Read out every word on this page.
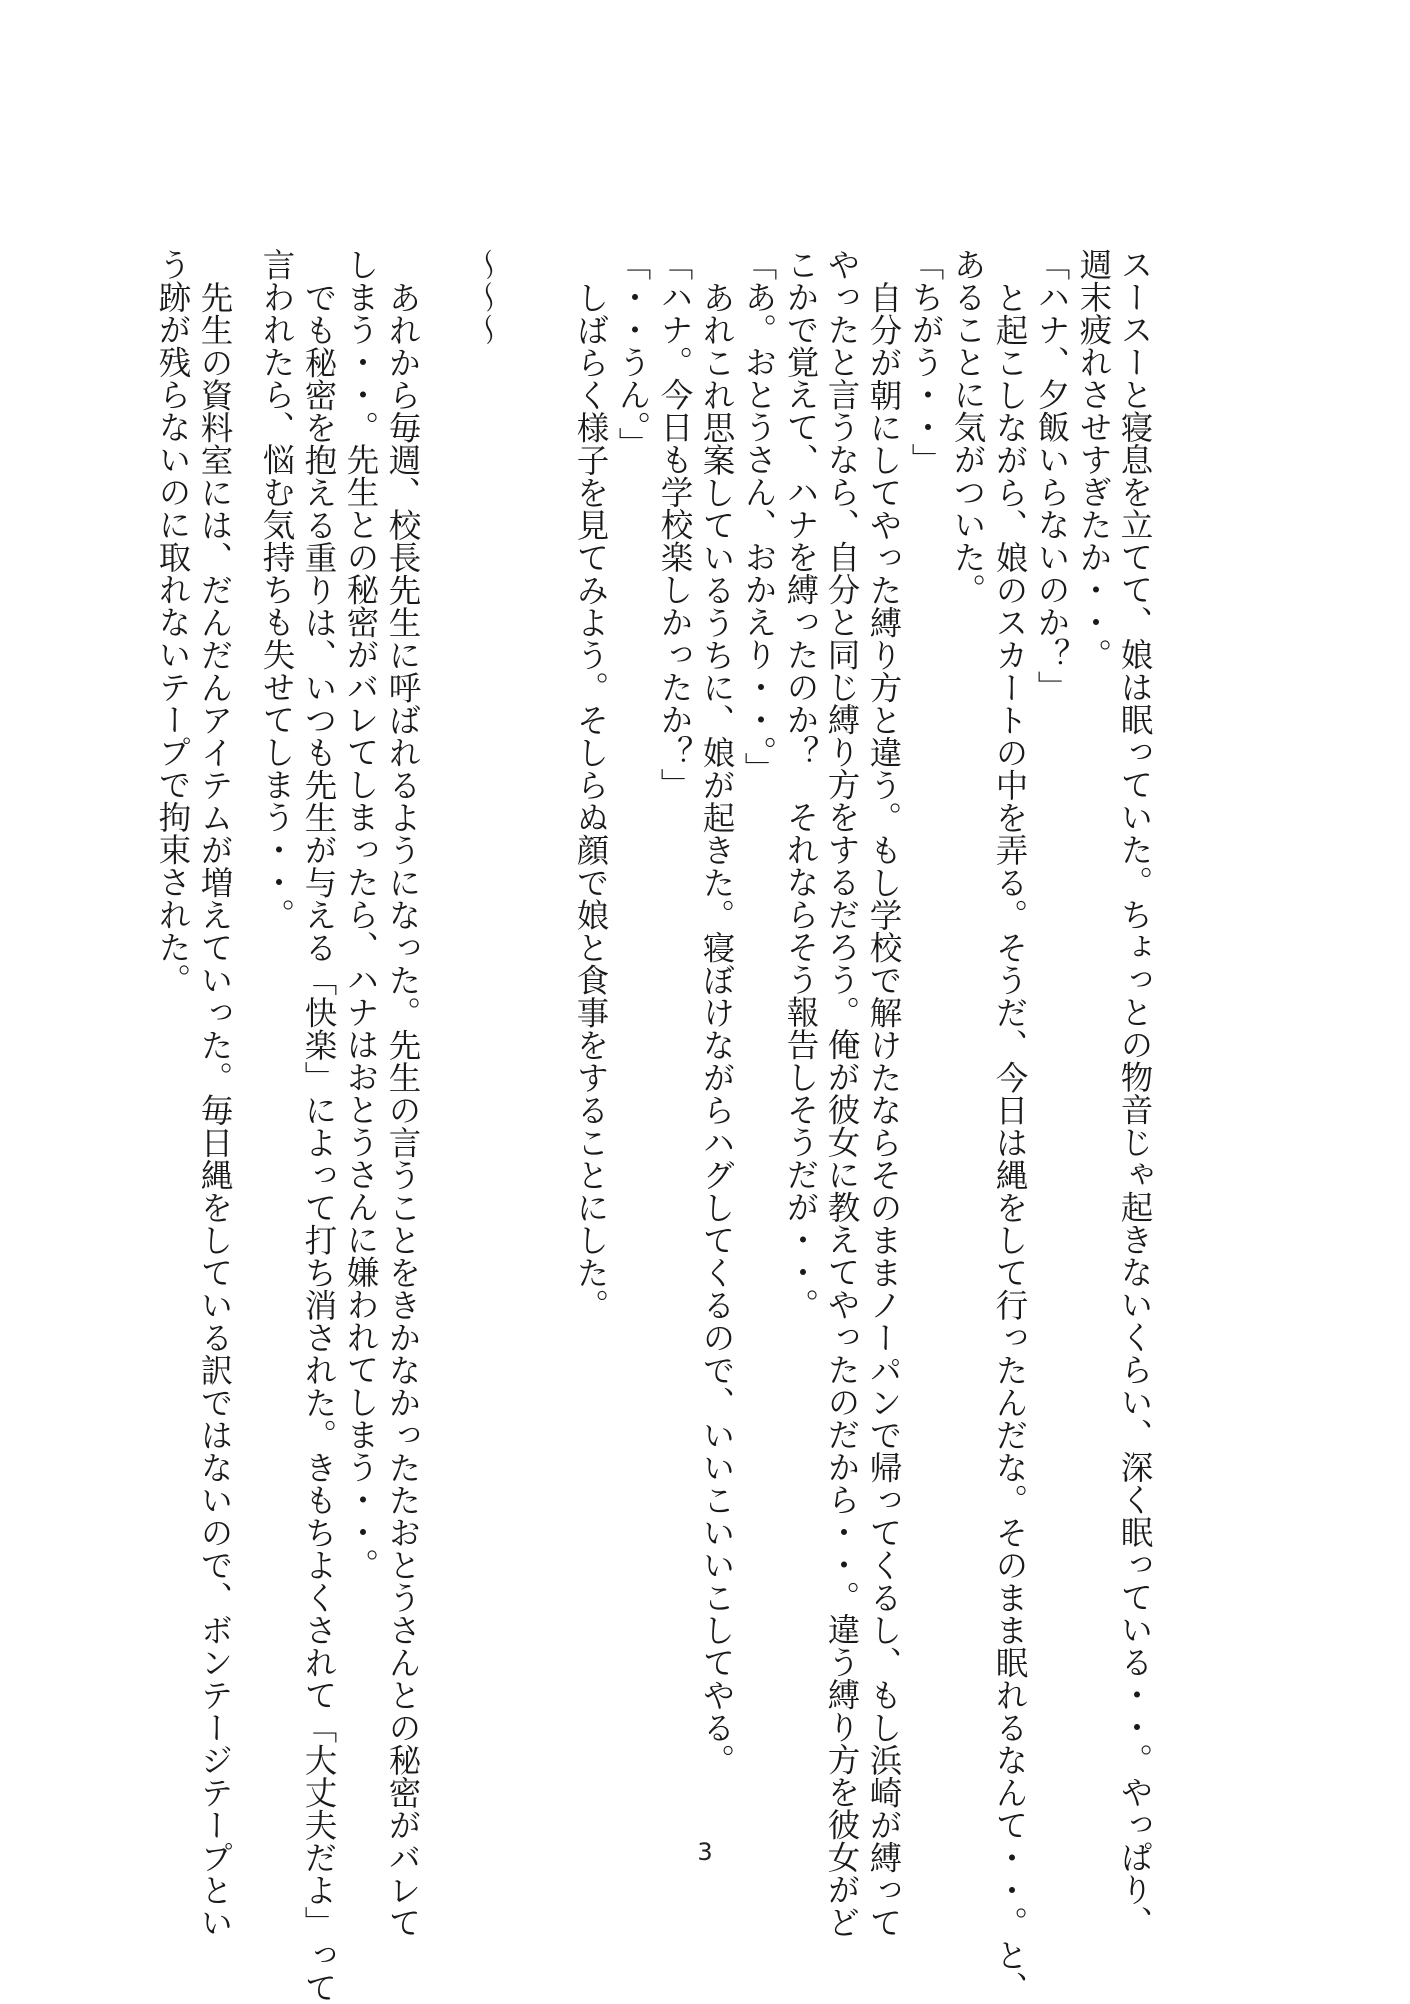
スースーと寝息を立てて、娘は眠っていた。ちょっとの物音じゃ起きないくらい、深く眠っている・・。やっぱり、
週末疲れさせすぎたか・・。
「ハナ、夕飯いらないのか？」
と起こしながら、娘のスカートの中を弄る。そうだ、今日は縄をして行ったんだな。そのまま眠れるなんて・・。と、
あることに気がついた。
「ちがう・・」
自分が朝にしてやった縛り方と違う。もし学校で解けたならそのままノーパンで帰ってくるし、もし浜崎が縛って
やったと言うなら、自分と同じ縛り方をするだろう。俺が彼女に教えてやったのだから・・。違う縛り方を彼女がど
こかで覚えて、ハナを縛ったのか？　それならそう報告しそうだが・・。
「あ。おとうさん、おかえり・・。」
あれこれ思案しているうちに、娘が起きた。寝ぼけながらハグしてくるので、いいこいいこしてやる。
「ハナ。今日も学校楽しかったか？」
「・・うん。」
しばらく様子を見てみよう。そしらぬ顔で娘と食事をすることにした。
～～～
あれから毎週、校長先生に呼ばれるようになった。先生の言うことをきかなかったたおとうさんとの秘密がバレて
しまう・・。先生との秘密がバレてしまったら、ハナはおとうさんに嫌われてしまう・・。
でも秘密を抱える重りは、いつも先生が与える「快楽」によって打ち消された。きもちよくされて「大丈夫だよ」って
言われたら、悩む気持ちも失せてしまう・・。
先生の資料室には、だんだんアイテムが増えていった。毎日縄をしている訳ではないので、ボンテージテープとい
う跡が残らないのに取れないテープで拘束された。
3
